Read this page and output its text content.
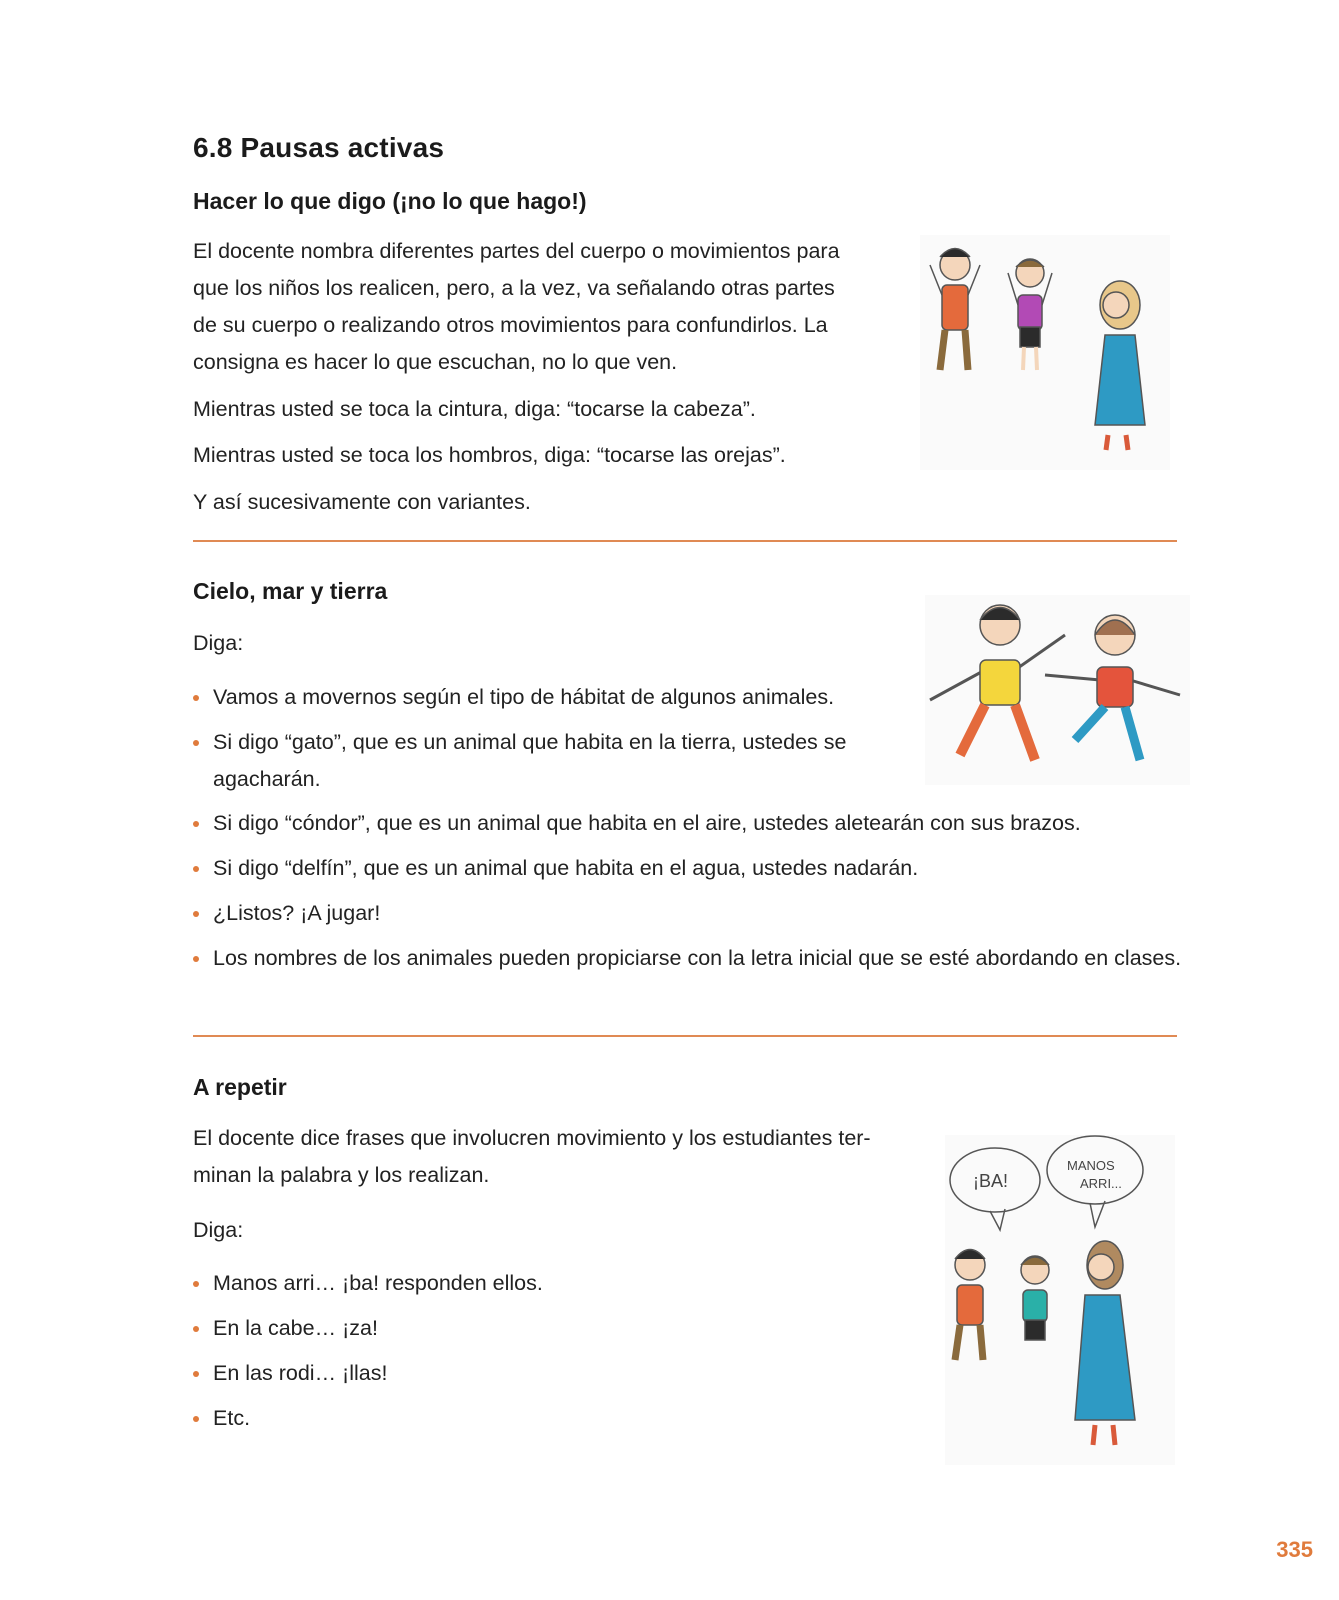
6.8 Pausas activas
Hacer lo que digo (¡no lo que hago!)

El docente nombra diferentes partes del cuerpo o movimientos para
que los niños los realicen, pero, a la vez, va señalando otras partes
de su cuerpo o realizando otros movimientos para confundirlos. La
consigna es hacer lo que escuchan, no lo que ven.

Mientras usted se toca la cintura, diga: “tocarse la cabeza”.

Mientras usted se toca los hombros, diga: “tocarse las orejas”.

Y así sucesivamente con variantes.

Cielo, mar y tierra

Diga:

Vamos a movernos según el tipo de hábitat de algunos animales.
Si digo “gato”, que es un animal que habita en la tierra, ustedes se agacharán.
Si digo “cóndor”, que es un animal que habita en el aire, ustedes aletearán con sus brazos.
Si digo “delfín”, que es un animal que habita en el agua, ustedes nadarán.
¿Listos? ¡A jugar!
Los nombres de los animales pueden propiciarse con la letra inicial que se esté abordando en clases.
A repetir

El docente dice frases que involucren movimiento y los estudiantes ter-
minan la palabra y los realizan.

Diga:

Manos arri… ¡ba! responden ellos.
En la cabe… ¡za!
En las rodi… ¡llas!
Etc.
¡BA!
MANOS
ARRI...
335
